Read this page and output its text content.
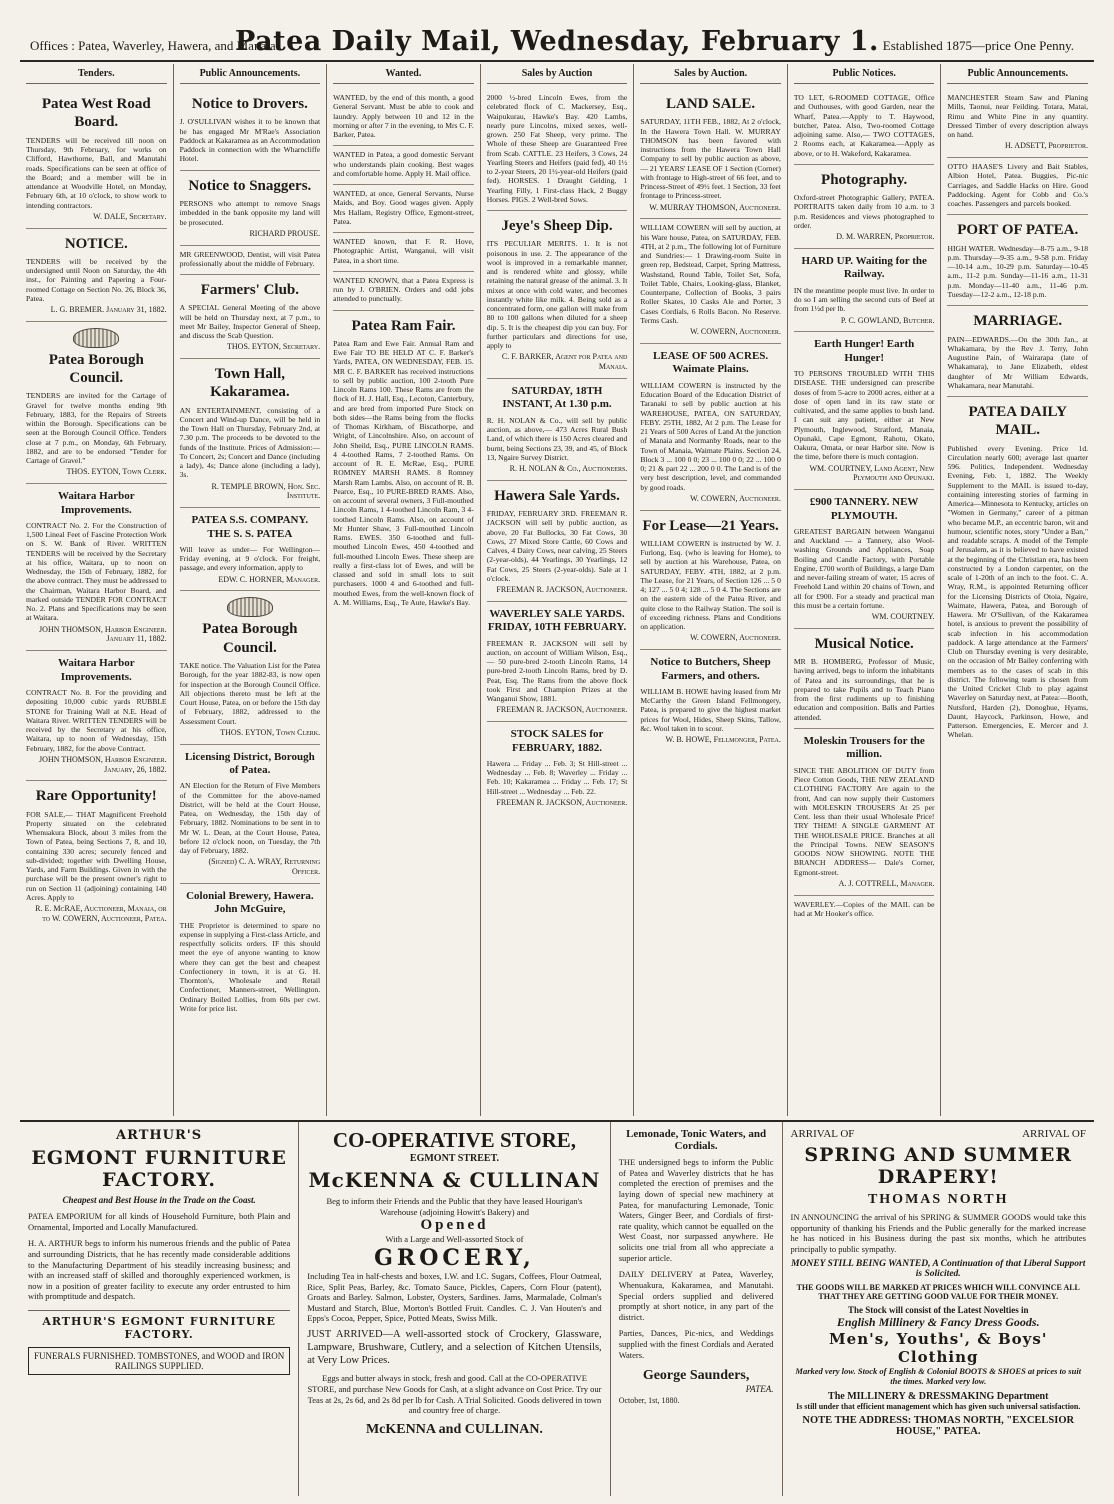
Offices : Patea, Waverley, Hawera, and Manaia.
Patea Daily Mail, Wednesday, February 1. Established 1875—price One Penny.
Tenders.
Patea West Road Board.
TENDERS will be received till noon on Thursday, 9th February, for works on Clifford, Hawthorne, Ball, and Manutahi roads. Specifications can be seen at office of the Board; and a member will be in attendance at Woodville Hotel, on Monday, February 6th, at 10 o'clock, to show work to intending contractors.
W. DALE, Secretary.
NOTICE.
TENDERS will be received by the undersigned until Noon on Saturday, the 4th inst., for Painting and Papering a Four-roomed Cottage on Section No. 26, Block 36, Patea.
L. G. BREMER. January 31, 1882.
Patea Borough Council.
TENDERS are invited for the Cartage of Gravel for twelve months ending 9th February, 1883, for the Repairs of Streets within the Borough. Specifications can be seen at the Borough Council Office. Tenders close at 7 p.m., on Monday, 6th February, 1882, and are to be endorsed "Tender for Cartage of Gravel."
THOS. EYTON, Town Clerk.
Waitara Harbor Improvements.
CONTRACT No. 2. For the Construction of 1,500 Lineal Feet of Fascine Protection Work on S. W. Bank of River. WRITTEN TENDERS will be received by the Secretary at his office, Waitara, up to noon on Wednesday, the 15th of February, 1882, for the above contract. They must be addressed to the Chairman, Waitara Harbor Board, and marked outside TENDER FOR CONTRACT No. 2. Plans and Specifications may be seen at Waitara.
JOHN THOMSON, Harbor Engineer. January 11, 1882.
Waitara Harbor Improvements.
CONTRACT No. 8. For the providing and depositing 10,000 cubic yards RUBBLE STONE for Training Wall at N.E. Head of Waitara River. WRITTEN TENDERS will be received by the Secretary at his office, Waitara, up to noon of Wednesday, 15th February, 1882, for the above Contract.
JOHN THOMSON, Harbor Engineer. January, 26, 1882.
Rare Opportunity!
FOR SALE,— THAT Magnificent Freehold Property situated on the celebrated Whenuakura Block, about 3 miles from the Town of Patea, being Sections 7, 8, and 10, containing 330 acres; securely fenced and sub-divided; together with Dwelling House, Yards, and Farm Buildings. Given in with the purchase will be the present owner's right to run on Section 11 (adjoining) containing 140 Acres. Apply to
R. E. McRAE, Auctioneer, Manaia, or to W. COWERN, Auctioneer, Patea.
Public Announcements.
Notice to Drovers.
J. O'SULLIVAN wishes it to be known that he has engaged Mr M'Rae's Association Paddock at Kakaramea as an Accommodation Paddock in connection with the Wharncliffe Hotel.
Notice to Snaggers.
PERSONS who attempt to remove Snags imbedded in the bank opposite my land will be prosecuted.
RICHARD PROUSE.
MR GREENWOOD, Dentist, will visit Patea professionally about the middle of February.
Farmers' Club.
A SPECIAL General Meeting of the above will be held on Thursday next, at 7 p.m., to meet Mr Bailey, Inspector General of Sheep, and discuss the Scab Question.
THOS. EYTON, Secretary.
Town Hall, Kakaramea.
AN ENTERTAINMENT, consisting of a Concert and Wind-up Dance, will be held in the Town Hall on Thursday, February 2nd, at 7.30 p.m. The proceeds to be devoted to the funds of the Institute. Prices of Admission:—To Concert, 2s; Concert and Dance (including a lady), 4s; Dance alone (including a lady), 3s.
R. TEMPLE BROWN, Hon. Sec. Institute.
PATEA S.S. COMPANY. THE S. S. PATEA
Will leave as under— For Wellington— Friday evening, at 9 o'clock. For freight, passage, and every information, apply to
EDW. C. HORNER, Manager.
Patea Borough Council.
TAKE notice. The Valuation List for the Patea Borough, for the year 1882-83, is now open for inspection at the Borough Council Office. All objections thereto must be left at the Court House, Patea, on or before the 15th day of February, 1882, addressed to the Assessment Court.
THOS. EYTON, Town Clerk.
Licensing District, Borough of Patea.
AN Election for the Return of Five Members of the Committee for the above-named District, will be held at the Court House, Patea, on Wednesday, the 15th day of February, 1882. Nominations to be sent in to Mr W. L. Dean, at the Court House, Patea, before 12 o'clock noon, on Tuesday, the 7th day of February, 1882.
(Signed) C. A. WRAY, Returning Officer.
Colonial Brewery, Hawera. John McGuire,
THE Proprietor is determined to spare no expense in supplying a First-class Article, and respectfully solicits orders. IF this should meet the eye of anyone wanting to know where they can get the best and cheapest Confectionery in town, it is at G. H. Thornton's, Wholesale and Retail Confectioner, Manners-street, Wellington. Ordinary Boiled Lollies, from 60s per cwt. Write for price list.
Wanted.
WANTED, by the end of this month, a good General Servant. Must be able to cook and laundry. Apply between 10 and 12 in the morning or after 7 in the evening, to Mrs C. F. Barker, Patea.
WANTED in Patea, a good domestic Servant who understands plain cooking. Best wages and comfortable home. Apply H. Mail office.
WANTED, at once, General Servants, Nurse Maids, and Boy. Good wages given. Apply Mrs Hallam, Registry Office, Egmont-street, Patea.
WANTED known, that F. R. Hove, Photographic Artist, Wanganui, will visit Patea, in a short time.
WANTED KNOWN, that a Patea Express is run by J. O'BRIEN. Orders and odd jobs attended to punctually.
Patea Ram Fair.
Patea Ram and Ewe Fair. Annual Ram and Ewe Fair TO BE HELD AT C. F. Barker's Yards, PATEA, ON WEDNESDAY, FEB. 15. MR C. F. BARKER has received instructions to sell by public auction, 100 2-tooth Pure Lincoln Rams 100. These Rams are from the flock of H. J. Hall, Esq., Lecoton, Canterbury, and are bred from imported Pure Stock on both sides—the Rams being from the flocks of Thomas Kirkham, of Biscathorpe, and Wright, of Lincolnshire. Also, on account of John Sheild, Esq., PURE LINCOLN RAMS. 4 4-toothed Rams, 7 2-toothed Rams. On account of R. E. McRae, Esq., PURE ROMNEY MARSH RAMS. 8 Romney Marsh Ram Lambs. Also, on account of R. B. Pearce, Esq., 10 PURE-BRED RAMS. Also, on account of several owners, 3 Full-mouthed Lincoln Rams, 1 4-toothed Lincoln Ram, 3 4-toothed Lincoln Rams. Also, on account of Mr Hunter Shaw, 3 Full-mouthed Lincoln Rams. EWES. 350 6-toothed and full-mouthed Lincoln Ewes, 450 4-toothed and full-mouthed Lincoln Ewes. These sheep are really a first-class lot of Ewes, and will be classed and sold in small lots to suit purchasers. 1000 4 and 6-toothed and full-mouthed Ewes, from the well-known flock of A. M. Williams, Esq., Te Aute, Hawke's Bay.
Sales by Auction
2000 ½-bred Lincoln Ewes, from the celebrated flock of C. Mackersey, Esq., Waipukurau, Hawke's Bay. 420 Lambs, nearly pure Lincolns, mixed sexes, well-grown. 250 Fat Sheep, very prime. The Whole of these Sheep are Guaranteed Free from Scab. CATTLE. 23 Heifers, 3 Cows, 24 Yearling Steers and Heifers (paid fed), 40 1½ to 2-year Steers, 20 1½-year-old Heifers (paid fed). HORSES. 1 Draught Gelding, 1 Yearling Filly, 1 First-class Hack, 2 Buggy Horses. PIGS. 2 Well-bred Sows.
Jeye's Sheep Dip.
ITS PECULIAR MERITS. 1. It is not poisonous in use. 2. The appearance of the wool is improved in a remarkable manner, and is rendered white and glossy, while retaining the natural grease of the animal. 3. It mixes at once with cold water, and becomes instantly white like milk. 4. Being sold as a concentrated form, one gallon will make from 80 to 100 gallons when diluted for a sheep dip. 5. It is the cheapest dip you can buy. For further particulars and directions for use, apply to
C. F. BARKER, Agent for Patea and Manaia.
SATURDAY, 18TH INSTANT, At 1.30 p.m.
R. H. NOLAN & Co., will sell by public auction, as above,— 473 Acres Rural Bush Land, of which there is 150 Acres cleared and burnt, being Sections 23, 39, and 45, of Block 13, Ngaire Survey District.
R. H. NOLAN & Co., Auctioneers.
Hawera Sale Yards.
FRIDAY, FEBRUARY 3RD. FREEMAN R. JACKSON will sell by public auction, as above, 20 Fat Bullocks, 30 Fat Cows, 30 Cows, 27 Mixed Store Cattle, 60 Cows and Calves, 4 Dairy Cows, near calving, 25 Steers (2-year-olds), 44 Yearlings, 30 Yearlings, 12 Fat Cows, 25 Steers (2-year-olds). Sale at 1 o'clock.
FREEMAN R. JACKSON, Auctioneer.
WAVERLEY SALE YARDS. FRIDAY, 10TH FEBRUARY.
FREEMAN R. JACKSON will sell by auction, on account of William Wilson, Esq.,— 50 pure-bred 2-tooth Lincoln Rams, 14 pure-bred 2-tooth Lincoln Rams, bred by D. Peat, Esq. The Rams from the above flock took First and Champion Prizes at the Wanganui Show, 1881.
FREEMAN R. JACKSON, Auctioneer.
STOCK SALES for FEBRUARY, 1882.
Hawera ... Friday ... Feb. 3; St Hill-street ... Wednesday ... Feb. 8; Waverley ... Friday ... Feb. 10; Kakaramea ... Friday ... Feb. 17; St Hill-street ... Wednesday ... Feb. 22.
FREEMAN R. JACKSON, Auctioneer.
Sales by Auction.
LAND SALE.
SATURDAY, 11TH FEB., 1882, At 2 o'clock, In the Hawera Town Hall. W. MURRAY THOMSON has been favored with instructions from the Hawera Town Hall Company to sell by public auction as above,— 21 YEARS' LEASE OF 1 Section (Corner) with frontage to High-street of 66 feet, and to Princess-Street of 49½ feet. 1 Section, 33 feet frontage to Princess-street.
W. MURRAY THOMSON, Auctioneer.
WILLIAM COWERN will sell by auction, at his Ware house, Patea, on SATURDAY, FEB. 4TH, at 2 p.m., The following lot of Furniture and Sundries:— 1 Drawing-room Suite in green rep, Bedstead, Carpet, Spring Mattress, Washstand, Round Table, Toilet Set, Sofa, Toilet Table, Chairs, Looking-glass, Blanket, Counterpane, Collection of Books, 3 pairs Roller Skates, 10 Casks Ale and Porter, 3 Cases Cordials, 6 Rolls Bacon. No Reserve. Terms Cash.
W. COWERN, Auctioneer.
LEASE OF 500 ACRES. Waimate Plains.
WILLIAM COWERN is instructed by the Education Board of the Education District of Taranaki to sell by public auction at his WAREHOUSE, PATEA, ON SATURDAY, FEBY. 25TH, 1882, At 2 p.m. The Lease for 21 Years of 500 Acres of Land At the junction of Manaia and Normanby Roads, near to the Town of Manaia, Waimate Plains. Section 24, Block 3 ... 100 0 0; 23 ... 100 0 0; 22 ... 100 0 0; 21 & part 22 ... 200 0 0. The Land is of the very best description, level, and commanded by good roads.
W. COWERN, Auctioneer.
For Lease—21 Years.
WILLIAM COWERN is instructed by W. J. Furlong, Esq. (who is leaving for Home), to sell by auction at his Warehouse, Patea, on SATURDAY, FEBY. 4TH, 1882, at 2 p.m. The Lease, for 21 Years, of Section 126 ... 5 0 4; 127 ... 5 0 4; 128 ... 5 0 4. The Sections are on the eastern side of the Patea River, and quite close to the Railway Station. The soil is of exceeding richness. Plans and Conditions on application.
W. COWERN, Auctioneer.
Notice to Butchers, Sheep Farmers, and others.
WILLIAM B. HOWE having leased from Mr McCarthy the Green Island Fellmongery, Patea, is prepared to give the highest market prices for Wool, Hides, Sheep Skins, Tallow, &c. Wool taken in to scour.
W. B. HOWE, Fellmonger, Patea.
Public Notices.
TO LET, 6-ROOMED COTTAGE, Office and Outhouses, with good Garden, near the Wharf, Patea.—Apply to T. Haywood, butcher, Patea. Also, Two-roomed Cottage adjoining same. Also,— TWO COTTAGES, 2 Rooms each, at Kakaramea.—Apply as above, or to H. Wakeford, Kakaramea.
Photography.
Oxford-street Photographic Gallery, PATEA. PORTRAITS taken daily from 10 a.m. to 3 p.m. Residences and views photographed to order.
D. M. WARREN, Proprietor.
HARD UP. Waiting for the Railway.
IN the meantime people must live. In order to do so I am selling the second cuts of Beef at from 1½d per lb.
P. C. GOWLAND, Butcher.
Earth Hunger! Earth Hunger!
TO PERSONS TROUBLED WITH THIS DISEASE. THE undersigned can prescribe doses of from 5-acre to 2000 acres, either at a dose of open land in its raw state or cultivated, and the same applies to bush land. I can suit any patient, either at New Plymouth, Inglewood, Stratford, Manaia, Opunaki, Cape Egmont, Rahotu, Okato, Oakura, Omata, or near Harbor site. Now is the time, before there is much contagion.
WM. COURTNEY, Land Agent, New Plymouth and Opunaki.
£900 TANNERY. NEW PLYMOUTH.
GREATEST BARGAIN between Wanganui and Auckland — a Tannery, also Wool-washing Grounds and Appliances, Soap Boiling and Candle Factory, with Portable Engine, £700 worth of Buildings, a large Dam and never-failing stream of water, 15 acres of Freehold Land within 20 chains of Town, and all for £900. For a steady and practical man this must be a certain fortune.
WM. COURTNEY.
Musical Notice.
MR B. HOMBERG, Professor of Music, having arrived, begs to inform the inhabitants of Patea and its surroundings, that he is prepared to take Pupils and to Teach Piano from the first rudiments up to finishing education and composition. Balls and Parties attended.
Moleskin Trousers for the million.
SINCE THE ABOLITION OF DUTY from Piece Cotton Goods, THE NEW ZEALAND CLOTHING FACTORY Are again to the front, And can now supply their Customers with MOLESKIN TROUSERS At 25 per Cent. less than their usual Wholesale Price! TRY THEM! A SINGLE GARMENT AT THE WHOLESALE PRICE. Branches at all the Principal Towns. NEW SEASON'S GOODS NOW SHOWING. NOTE THE BRANCH ADDRESS— Dale's Corner, Egmont-street.
A. J. COTTRELL, Manager.
WAVERLEY.—Copies of the MAIL can be had at Mr Hooker's office.
Public Announcements.
MANCHESTER Steam Saw and Planing Mills, Taonui, near Feilding. Totara, Matai, Rimu and White Pine in any quantity. Dressed Timber of every description always on hand.
H. ADSETT, Proprietor.
OTTO HAASE'S Livery and Bait Stables, Albion Hotel, Patea. Buggies, Pic-nic Carriages, and Saddle Hacks on Hire. Good Paddocking. Agent for Cobb and Co.'s coaches. Passengers and parcels booked.
PORT OF PATEA.
HIGH WATER. Wednesday—8-75 a.m., 9-18 p.m. Thursday—9-35 a.m., 9-58 p.m. Friday—10-14 a.m., 10-29 p.m. Saturday—10-45 a.m., 11-2 p.m. Sunday—11-16 a.m., 11-31 p.m. Monday—11-40 a.m., 11-46 p.m. Tuesday—12-2 a.m., 12-18 p.m.
MARRIAGE.
PAIN—EDWARDS.—On the 30th Jan., at Whakamara, by the Rev J. Terry, John Augustine Pain, of Wairarapa (late of Whakamara), to Jane Elizabeth, eldest daughter of Mr William Edwards, Whakamara, near Manutahi.
PATEA DAILY MAIL.
Published every Evening. Price 1d. Circulation nearly 600; average last quarter 596. Politics, Independent. Wednesday Evening, Feb. 1, 1882. The Weekly Supplement to the MAIL is issued to-day, containing interesting stories of farming in America—Minnesota to Kentucky, articles on "Women in Germany," career of a pitman who became M.P., an eccentric baron, wit and humour, scientific notes, story "Under a Ban," and readable scraps. A model of the Temple of Jerusalem, as it is believed to have existed at the beginning of the Christian era, has been constructed by a London carpenter, on the scale of 1-20th of an inch to the foot. C. A. Wray, R.M., is appointed Returning officer for the Licensing Districts of Otoia, Ngaire, Waimate, Hawera, Patea, and Borough of Hawera. Mr O'Sullivan, of the Kakaramea hotel, is anxious to prevent the possibility of scab infection in his accommodation paddock. A large attendance at the Farmers' Club on Thursday evening is very desirable, on the occasion of Mr Bailey conferring with members as to the cases of scab in this district. The following team is chosen from the United Cricket Club to play against Waverley on Saturday next, at Patea:—Booth, Nutsford, Harden (2), Donoghue, Hyams, Daunt, Haycock, Parkinson, Howe, and Patterson. Emergencies, E. Mercer and J. Whelan.
ARTHUR'S
EGMONT FURNITURE FACTORY.
Cheapest and Best House in the Trade on the Coast.
PATEA EMPORIUM for all kinds of Household Furniture, both Plain and Ornamental, Imported and Locally Manufactured.
H. A. ARTHUR begs to inform his numerous friends and the public of Patea and surrounding Districts, that he has recently made considerable additions to the Manufacturing Department of his steadily increasing business; and with an increased staff of skilled and thoroughly experienced workmen, is now in a position of greater facility to execute any order entrusted to him with promptitude and despatch.
ARTHUR'S EGMONT FURNITURE FACTORY.
FUNERALS FURNISHED. TOMBSTONES, and WOOD and IRON RAILINGS SUPPLIED.
CO-OPERATIVE STORE,
EGMONT STREET.
McKENNA & CULLINAN
Beg to inform their Friends and the Public that they have leased Hourigan's Warehouse (adjoining Howitt's Bakery) and
Opened
With a Large and Well-assorted Stock of
GROCERY,
Including Tea in half-chests and boxes, I.W. and I.C. Sugars, Coffees, Flour Oatmeal, Rice, Split Peas, Barley, &c. Tomato Sauce, Pickles, Capers, Corn Flour (patent), Groats and Barley. Salmon, Lobster, Oysters, Sardines. Jams, Marmalade, Colman's Mustard and Starch, Blue, Morton's Bottled Fruit. Candles. C. J. Van Houten's and Epps's Cocoa, Pepper, Spice, Potted Meats, Swiss Milk.
JUST ARRIVED—A well-assorted stock of Crockery, Glassware, Lampware, Brushware, Cutlery, and a selection of Kitchen Utensils, at Very Low Prices.
Eggs and butter always in stock, fresh and good. Call at the CO-OPERATIVE STORE, and purchase New Goods for Cash, at a slight advance on Cost Price. Try our Teas at 2s, 2s 6d, and 2s 8d per lb for Cash. A Trial Solicited. Goods delivered in town and country free of charge.
McKENNA and CULLINAN.
Lemonade, Tonic Waters, and Cordials.
THE undersigned begs to inform the Public of Patea and Waverley districts that he has completed the erection of premises and the laying down of special new machinery at Patea, for manufacturing Lemonade, Tonic Waters, Ginger Beer, and Cordials of first-rate quality, which cannot be equalled on the West Coast, nor surpassed anywhere. He solicits one trial from all who appreciate a superior article.
DAILY DELIVERY at Patea, Waverley, Whenuakura, Kakaramea, and Manutahi. Special orders supplied and delivered promptly at short notice, in any part of the district.
Parties, Dances, Pic-nics, and Weddings supplied with the finest Cordials and Aerated Waters.
George Saunders,
PATEA.
October, 1st, 1880.
ARRIVAL OF	ARRIVAL OF
SPRING AND SUMMER DRAPERY!
THOMAS NORTH
IN ANNOUNCING the arrival of his SPRING & SUMMER GOODS would take this opportunity of thanking his Friends and the Public generally for the marked increase he has noticed in his Business during the past six months, which he attributes principally to public sympathy.
MONEY STILL BEING WANTED, A Continuation of that Liberal Support is Solicited.
THE GOODS WILL BE MARKED AT PRICES WHICH WILL CONVINCE ALL THAT THEY ARE GETTING GOOD VALUE FOR THEIR MONEY.
The Stock will consist of the Latest Novelties in
English Millinery & Fancy Dress Goods.
Men's, Youths', & Boys' Clothing
Marked very low. Stock of English & Colonial BOOTS & SHOES at prices to suit the times. Marked very low.
The MILLINERY & DRESSMAKING Department
Is still under that efficient management which has given such universal satisfaction.
NOTE THE ADDRESS: THOMAS NORTH, "EXCELSIOR HOUSE," PATEA.
